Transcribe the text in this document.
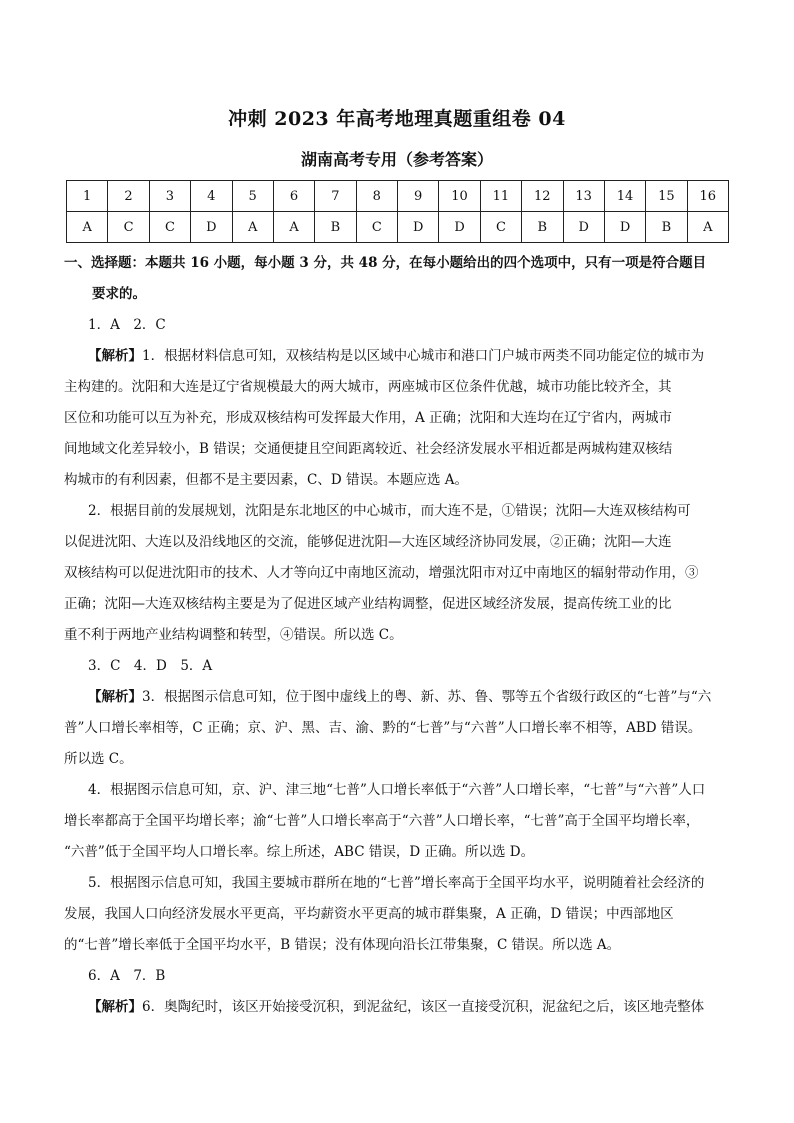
冲刺 2023 年高考地理真题重组卷 04
湖南高考专用（参考答案）
1	2	3	4	5	6	7	8	9	10	11	12	13	14	15	16
A	C	C	D	A	A	B	C	D	D	C	B	D	D	B	A
一、选择题：本题共 16 小题，每小题 3 分，共 48 分，在每小题给出的四个选项中，只有一项是符合题目
要求的。
1．A　2．C
【解析】1．根据材料信息可知，双核结构是以区域中心城市和港口门户城市两类不同功能定位的城市为
主构建的。沈阳和大连是辽宁省规模最大的两大城市，两座城市区位条件优越，城市功能比较齐全，其
区位和功能可以互为补充，形成双核结构可发挥最大作用，A 正确；沈阳和大连均在辽宁省内，两城市
间地域文化差异较小，B 错误；交通便捷且空间距离较近、社会经济发展水平相近都是两城构建双核结
构城市的有利因素，但都不是主要因素，C、D 错误。本题应选 A。
2．根据目前的发展规划，沈阳是东北地区的中心城市，而大连不是，①错误；沈阳—大连双核结构可
以促进沈阳、大连以及沿线地区的交流，能够促进沈阳—大连区域经济协同发展，②正确；沈阳—大连
双核结构可以促进沈阳市的技术、人才等向辽中南地区流动，增强沈阳市对辽中南地区的辐射带动作用，③
正确；沈阳—大连双核结构主要是为了促进区域产业结构调整，促进区域经济发展，提高传统工业的比
重不利于两地产业结构调整和转型，④错误。所以选 C。
3．C　4．D　5．A
【解析】3．根据图示信息可知，位于图中虚线上的粤、新、苏、鲁、鄂等五个省级行政区的“七普”与“六
普”人口增长率相等，C 正确；京、沪、黑、吉、渝、黔的“七普”与“六普”人口增长率不相等，ABD 错误。
所以选 C。
4．根据图示信息可知，京、沪、津三地“七普”人口增长率低于“六普”人口增长率，“七普”与“六普”人口
增长率都高于全国平均增长率；渝“七普”人口增长率高于“六普”人口增长率，“七普”高于全国平均增长率，
“六普”低于全国平均人口增长率。综上所述，ABC 错误，D 正确。所以选 D。
5．根据图示信息可知，我国主要城市群所在地的“七普”增长率高于全国平均水平，说明随着社会经济的
发展，我国人口向经济发展水平更高，平均薪资水平更高的城市群集聚，A 正确，D 错误；中西部地区
的“七普”增长率低于全国平均水平，B 错误；没有体现向沿长江带集聚，C 错误。所以选 A。
6．A　7．B
【解析】6．奥陶纪时，该区开始接受沉积，到泥盆纪，该区一直接受沉积，泥盆纪之后，该区地壳整体
